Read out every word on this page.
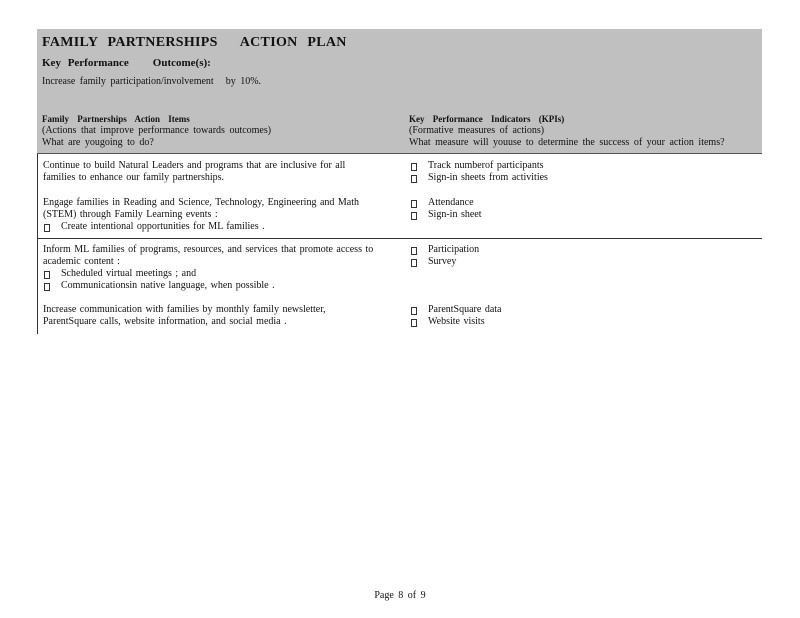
FAMILY PARTNERSHIPS ACTION PLAN
Key Performance Outcome(s):
Increase family participation/involvement by 10%.
Family Partnerships Action Items
(Actions that improve performance towards outcomes)
What are yougoing to do?
Key Performance Indicators (KPIs)
(Formative measures of actions)
What measure will youuse to determine the success of your action items?
Continue to build Natural Leaders and programs that are inclusive for all
families to enhance our family partnerships.
Track numberof participants
Sign-in sheets from activities
Engage families in Reading and Science, Technology, Engineering and Math
(STEM) through Family Learning events :
Create intentional opportunities for ML families .
Attendance
Sign-in sheet
Inform ML families of programs, resources, and services that promote access to
academic content :
Scheduled virtual meetings ; and
Communicationsin native language, when possible .
Participation
Survey
Increase communication with families by monthly family newsletter,
ParentSquare calls, website information, and social media .
ParentSquare data
Website visits
Page 8 of 9
